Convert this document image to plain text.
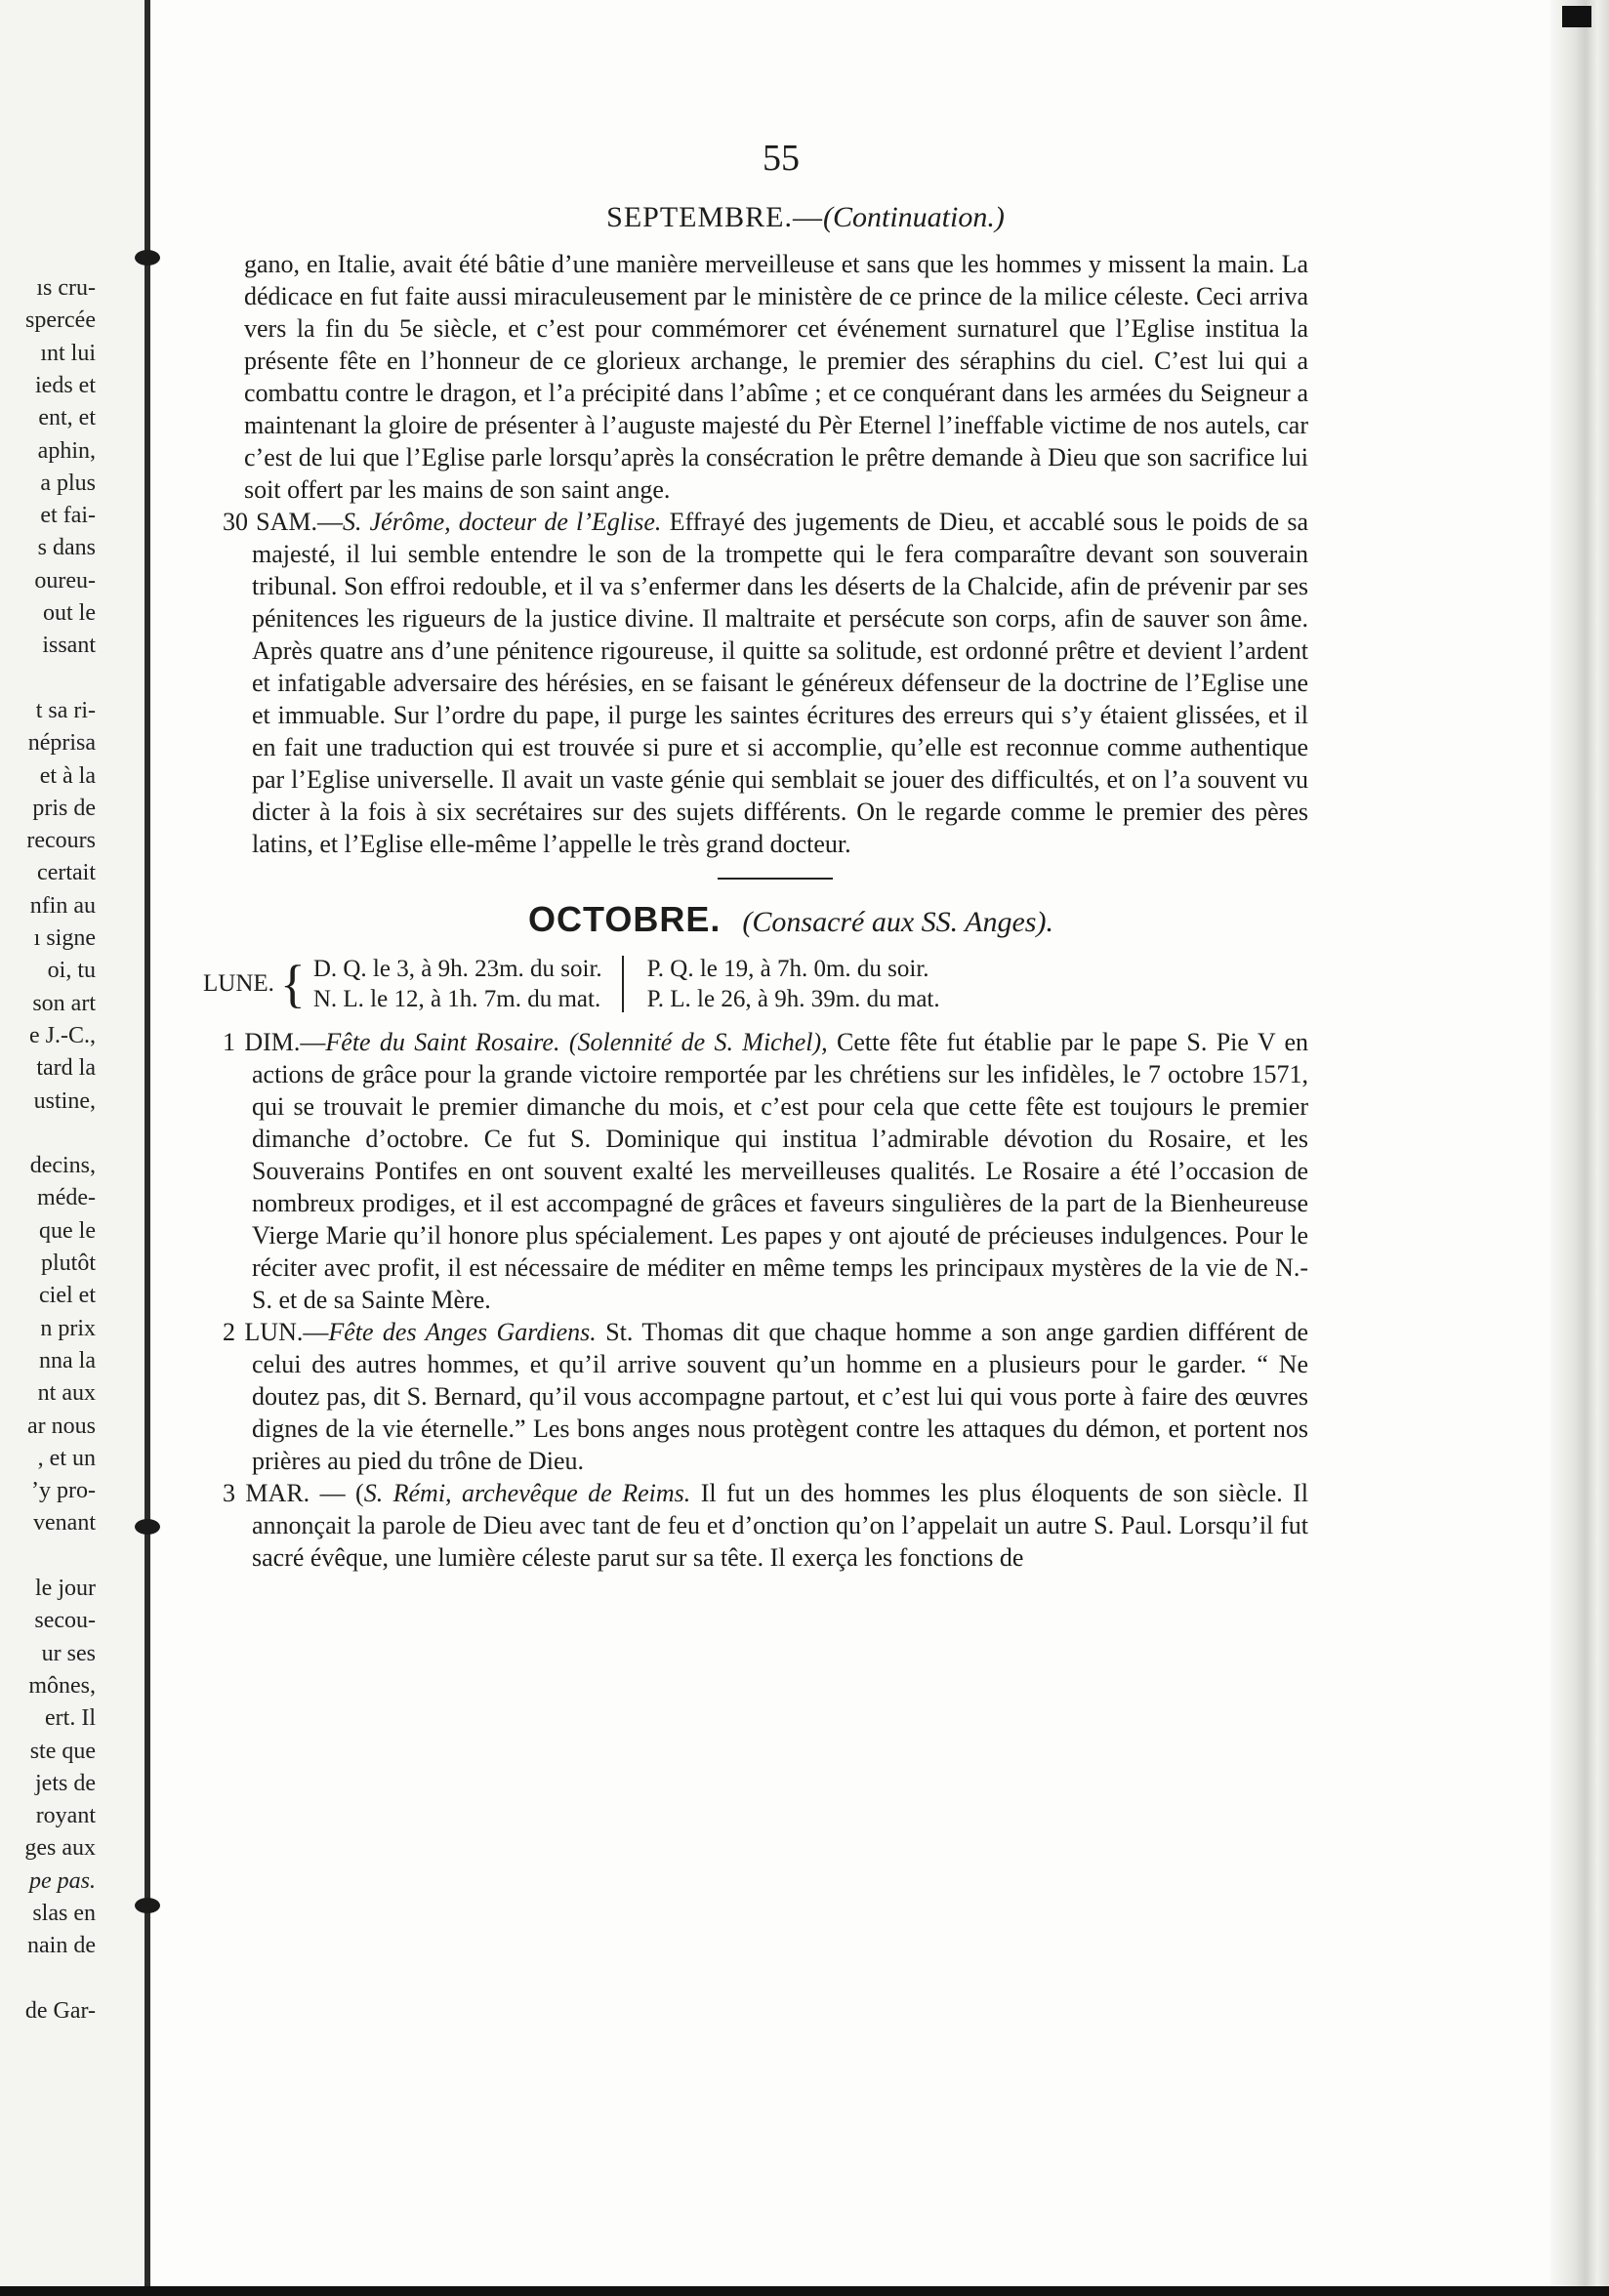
ıs cru-
spercée
ınt lui
ieds et
ent, et
aphin,
a plus
et fai-
s dans
oureu-
out le
issant
t sa ri-
néprisa
et à la
pris de
recours
certait
nfin au
ı signe
oi, tu
son art
e J.-C.,
tard la
ustine,
decins,
médе-
que le
plutôt
ciel et
n prix
nna la
nt aux
ar nous
, et un
’y pro-
venant
le jour
secou-
ur ses
mônes,
ert. Il
ste que
jets de
royant
ges aux
pe pas.
slas en
nain de
de Gar-
55
SEPTEMBRE.—(Continuation.)

gano, en Italie, avait été bâtie d’une manière merveilleuse et sans que les hommes y missent la main. La dédicace en fut faite aussi miraculeusement par le ministère de ce prince de la milice céleste. Ceci arriva vers la fin du 5e siècle, et c’est pour commémorer cet événement surnaturel que l’Eglise institua la présente fête en l’honneur de ce glorieux archange, le premier des séraphins du ciel. C’est lui qui a combattu contre le dragon, et l’a précipité dans l’abîme ; et ce conquérant dans les armées du Seigneur a maintenant la gloire de présenter à l’auguste majesté du Pèr Eternel l’ineffable victime de nos autels, car c’est de lui que l’Eglise parle lorsqu’après la consécration le prêtre demande à Dieu que son sacrifice lui soit offert par les mains de son saint ange.

30 SAM.—S. Jérôme, docteur de l’Eglise. Effrayé des jugements de Dieu, et accablé sous le poids de sa majesté, il lui semble entendre le son de la trompette qui le fera comparaître devant son souverain tribunal. Son effroi redouble, et il va s’enfermer dans les déserts de la Chalcide, afin de prévenir par ses pénitences les rigueurs de la justice divine. Il maltraite et persécute son corps, afin de sauver son âme. Après quatre ans d’une pénitence rigoureuse, il quitte sa solitude, est ordonné prêtre et devient l’ardent et infatigable adversaire des hérésies, en se faisant le généreux défenseur de la doctrine de l’Eglise une et immuable. Sur l’ordre du pape, il purge les saintes écritures des erreurs qui s’y étaient glissées, et il en fait une traduction qui est trouvée si pure et si accomplie, qu’elle est reconnue comme authentique par l’Eglise universelle. Il avait un vaste génie qui semblait se jouer des difficultés, et on l’a souvent vu dicter à la fois à six secrétaires sur des sujets différents. On le regarde comme le premier des pères latins, et l’Eglise elle-même l’appelle le très grand docteur.

OCTOBRE. (Consacré aux SS. Anges).
LUNE. { D. Q. le 3, à 9h. 23m. du soir.
N. L. le 12, à 1h. 7m. du mat.
P. Q. le 19, à 7h. 0m. du soir.
P. L. le 26, à 9h. 39m. du mat.

1 DIM.—Fête du Saint Rosaire. (Solennité de S. Michel), Cette fête fut établie par le pape S. Pie V en actions de grâce pour la grande victoire remportée par les chrétiens sur les infidèles, le 7 octobre 1571, qui se trouvait le premier dimanche du mois, et c’est pour cela que cette fête est toujours le premier dimanche d’octobre. Ce fut S. Dominique qui institua l’admirable dévotion du Rosaire, et les Souverains Pontifes en ont souvent exalté les merveilleuses qualités. Le Rosaire a été l’occasion de nombreux prodiges, et il est accompagné de grâces et faveurs singulières de la part de la Bienheureuse Vierge Marie qu’il honore plus spécialement. Les papes y ont ajouté de précieuses indulgences. Pour le réciter avec profit, il est nécessaire de méditer en même temps les principaux mystères de la vie de N.-S. et de sa Sainte Mère.

2 LUN.—Fête des Anges Gardiens. St. Thomas dit que chaque homme a son ange gardien différent de celui des autres hommes, et qu’il arrive souvent qu’un homme en a plusieurs pour le garder. “ Ne doutez pas, dit S. Bernard, qu’il vous accompagne partout, et c’est lui qui vous porte à faire des œuvres dignes de la vie éternelle.” Les bons anges nous protègent contre les attaques du démon, et portent nos prières au pied du trône de Dieu.

3 MAR. — (S. Rémi, archevêque de Reims. Il fut un des hommes les plus éloquents de son siècle. Il annonçait la parole de Dieu avec tant de feu et d’onction qu’on l’appelait un autre S. Paul. Lorsqu’il fut sacré évêque, une lumière céleste parut sur sa tête. Il exerça les fonctions de
